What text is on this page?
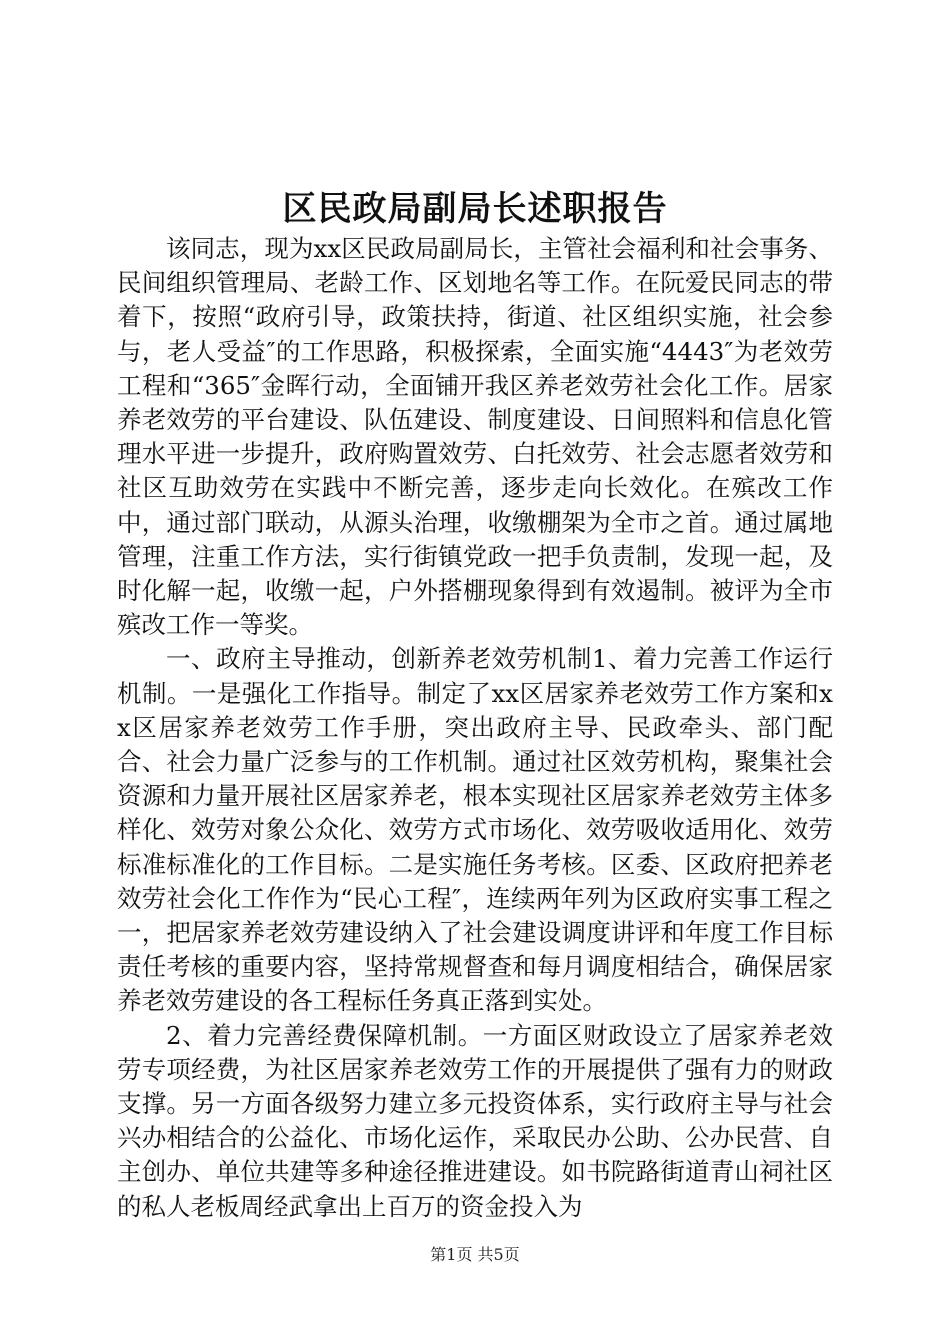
区民政局副局长述职报告

该同志，现为xx区民政局副局长，主管社会福利和社会事务、民间组织管理局、老龄工作、区划地名等工作。在阮爱民同志的带着下，按照“政府引导，政策扶持，街道、社区组织实施，社会参与，老人受益″的工作思路，积极探索，全面实施“4443″为老效劳工程和“365″金晖行动，全面铺开我区养老效劳社会化工作。居家养老效劳的平台建设、队伍建设、制度建设、日间照料和信息化管理水平进一步提升，政府购置效劳、白托效劳、社会志愿者效劳和社区互助效劳在实践中不断完善，逐步走向长效化。在殡改工作中，通过部门联动，从源头治理，收缴棚架为全市之首。通过属地管理，注重工作方法，实行街镇党政一把手负责制，发现一起，及时化解一起，收缴一起，户外搭棚现象得到有效遏制。被评为全市殡改工作一等奖。

一、政府主导推动，创新养老效劳机制1、着力完善工作运行机制。一是强化工作指导。制定了xx区居家养老效劳工作方案和xx区居家养老效劳工作手册，突出政府主导、民政牵头、部门配合、社会力量广泛参与的工作机制。通过社区效劳机构，聚集社会资源和力量开展社区居家养老，根本实现社区居家养老效劳主体多样化、效劳对象公众化、效劳方式市场化、效劳吸收适用化、效劳标准标准化的工作目标。二是实施任务考核。区委、区政府把养老效劳社会化工作作为“民心工程″，连续两年列为区政府实事工程之一，把居家养老效劳建设纳入了社会建设调度讲评和年度工作目标责任考核的重要内容，坚持常规督查和每月调度相结合，确保居家养老效劳建设的各工程标任务真正落到实处。

2、着力完善经费保障机制。一方面区财政设立了居家养老效劳专项经费，为社区居家养老效劳工作的开展提供了强有力的财政支撑。另一方面各级努力建立多元投资体系，实行政府主导与社会兴办相结合的公益化、市场化运作，采取民办公助、公办民营、自主创办、单位共建等多种途径推进建设。如书院路街道青山祠社区的私人老板周经武拿出上百万的资金投入为

第1页 共5页
